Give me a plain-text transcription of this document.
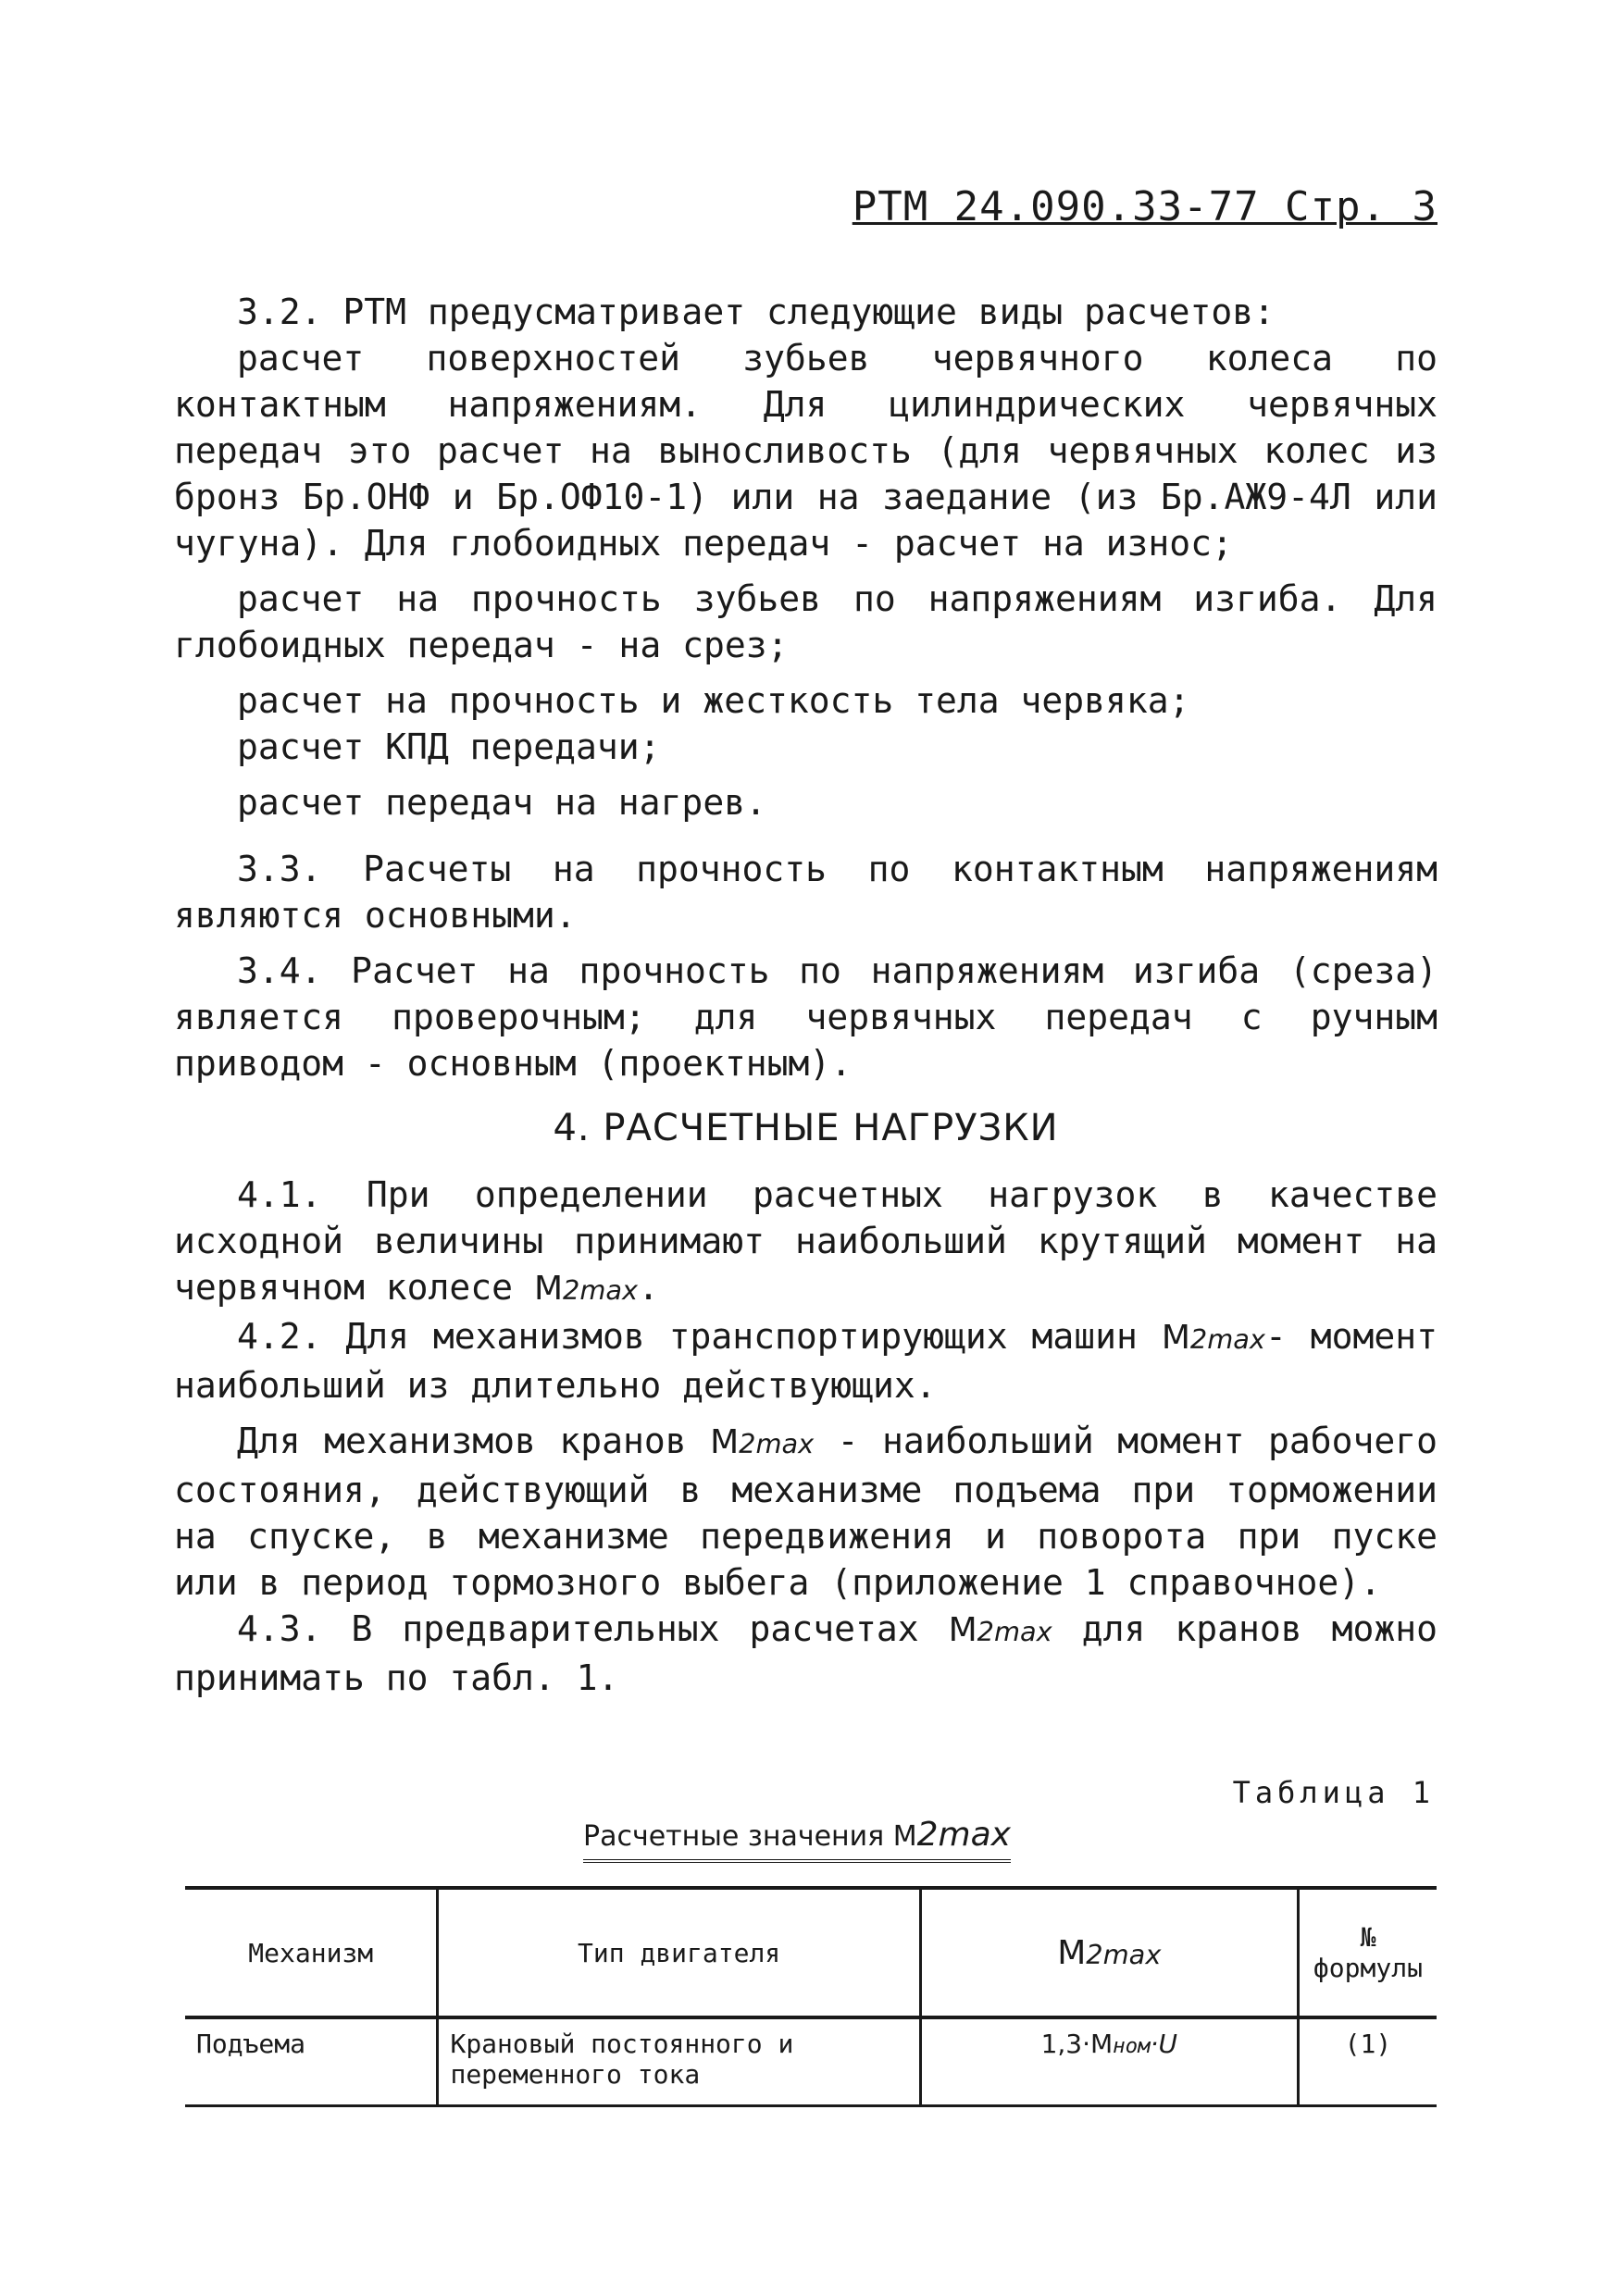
РТМ 24.090.33-77 Стр. 3

3.2. РТМ предусматривает следующие виды расчетов:

расчет поверхностей зубьев червячного колеса по контактным напряжениям. Для цилиндрических червячных передач это расчет на выносливость (для червячных колес из бронз Бр.ОНФ и Бр.ОФ10-1) или на заедание (из Бр.АЖ9-4Л или чугуна). Для глобоидных передач - расчет на износ;

расчет на прочность зубьев по напряжениям изгиба. Для глобоидных передач - на срез;

расчет на прочность и жесткость тела червяка;

расчет КПД передачи;

расчет передач на нагрев.

3.3. Расчеты на прочность по контактным напряжениям являются основными.

3.4. Расчет на прочность по напряжениям изгиба (среза) является проверочным; для червячных передач с ручным приводом - основным (проектным).

4. РАСЧЕТНЫЕ НАГРУЗКИ

4.1. При определении расчетных нагрузок в качестве исходной величины принимают наибольший крутящий момент на червячном колесе М2max.

4.2. Для механизмов транспортирующих машин М2max- момент наибольший из длительно действующих.

Для механизмов кранов М2max - наибольший момент рабочего состояния, действующий в механизме подъема при торможении на спуске, в механизме передвижения и поворота при пуске или в период тормозного выбега (приложение 1 справочное).

4.3. В предварительных расчетах М2max для кранов можно принимать по табл. 1.

Таблица 1
Расчетные значения М2max
Механизм	Тип двигателя	М2max	№ формулы
Подъема	Крановый постоянного и переменного тока	1,3·Мном·U	(1)
